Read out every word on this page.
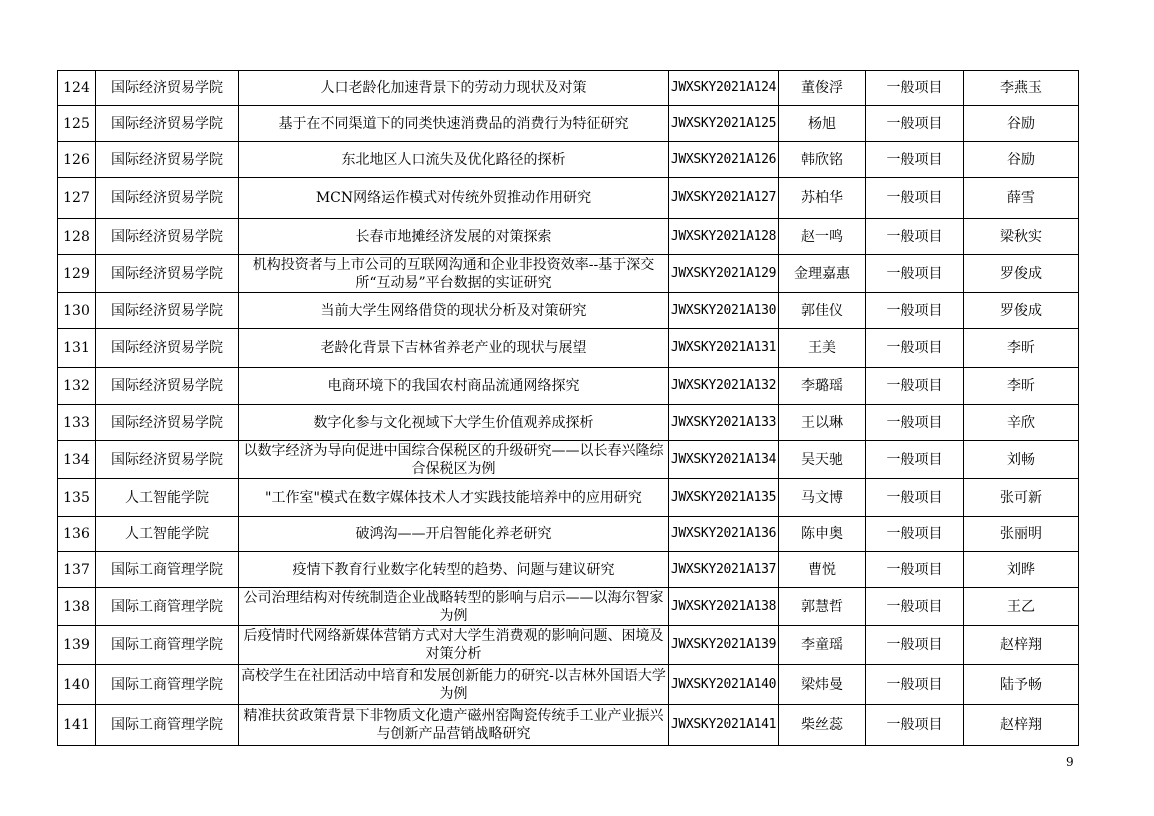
124	国际经济贸易学院	人口老龄化加速背景下的劳动力现状及对策	JWXSKY2021A124	董俊浮	一般项目	李燕玉
125	国际经济贸易学院	基于在不同渠道下的同类快速消费品的消费行为特征研究	JWXSKY2021A125	杨旭	一般项目	谷励
126	国际经济贸易学院	东北地区人口流失及优化路径的探析	JWXSKY2021A126	韩欣铭	一般项目	谷励
127	国际经济贸易学院	MCN网络运作模式对传统外贸推动作用研究	JWXSKY2021A127	苏柏华	一般项目	薛雪
128	国际经济贸易学院	长春市地摊经济发展的对策探索	JWXSKY2021A128	赵一鸣	一般项目	梁秋实
129	国际经济贸易学院	机构投资者与上市公司的互联网沟通和企业非投资效率--基于深交所“互动易”平台数据的实证研究	JWXSKY2021A129	金理嘉惠	一般项目	罗俊成
130	国际经济贸易学院	当前大学生网络借贷的现状分析及对策研究	JWXSKY2021A130	郭佳仪	一般项目	罗俊成
131	国际经济贸易学院	老龄化背景下吉林省养老产业的现状与展望	JWXSKY2021A131	王美	一般项目	李昕
132	国际经济贸易学院	电商环境下的我国农村商品流通网络探究	JWXSKY2021A132	李璐瑶	一般项目	李昕
133	国际经济贸易学院	数字化参与文化视域下大学生价值观养成探析	JWXSKY2021A133	王以琳	一般项目	辛欣
134	国际经济贸易学院	以数字经济为导向促进中国综合保税区的升级研究——以长春兴隆综合保税区为例	JWXSKY2021A134	吴天驰	一般项目	刘畅
135	人工智能学院	"工作室"模式在数字媒体技术人才实践技能培养中的应用研究	JWXSKY2021A135	马文博	一般项目	张可新
136	人工智能学院	破鸿沟——开启智能化养老研究	JWXSKY2021A136	陈申奥	一般项目	张丽明
137	国际工商管理学院	疫情下教育行业数字化转型的趋势、问题与建议研究	JWXSKY2021A137	曹悦	一般项目	刘晔
138	国际工商管理学院	公司治理结构对传统制造企业战略转型的影响与启示——以海尔智家为例	JWXSKY2021A138	郭慧哲	一般项目	王乙
139	国际工商管理学院	后疫情时代网络新媒体营销方式对大学生消费观的影响问题、困境及对策分析	JWXSKY2021A139	李童瑶	一般项目	赵梓翔
140	国际工商管理学院	高校学生在社团活动中培育和发展创新能力的研究-以吉林外国语大学为例	JWXSKY2021A140	梁炜曼	一般项目	陆予畅
141	国际工商管理学院	精准扶贫政策背景下非物质文化遗产磁州窑陶瓷传统手工业产业振兴与创新产品营销战略研究	JWXSKY2021A141	柴丝蕊	一般项目	赵梓翔
9
